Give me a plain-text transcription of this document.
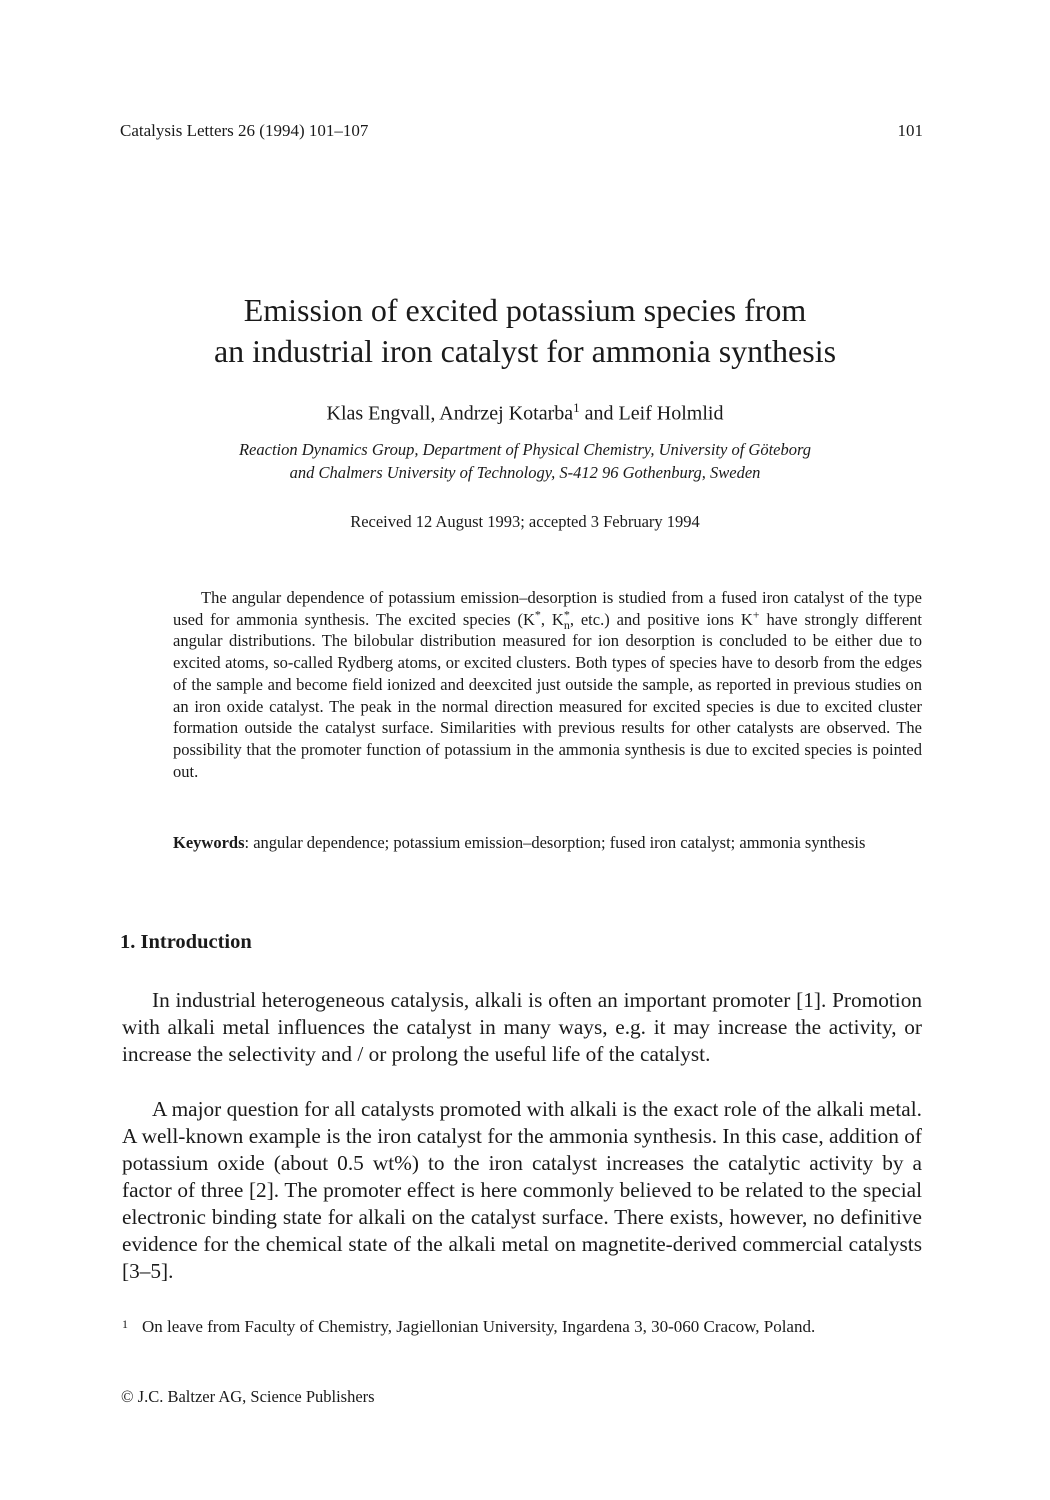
Catalysis Letters 26 (1994) 101–107	101
Emission of excited potassium species from
an industrial iron catalyst for ammonia synthesis
Klas Engvall, Andrzej Kotarba$^1$ and Leif Holmlid
Reaction Dynamics Group, Department of Physical Chemistry, University of Göteborg
and Chalmers University of Technology, S-412 96 Gothenburg, Sweden
Received 12 August 1993; accepted 3 February 1994
The angular dependence of potassium emission–desorption is studied from a fused iron catalyst of the type used for ammonia synthesis. The excited species (K*, $K^*_n$, etc.) and positive ions K+ have strongly different angular distributions. The bilobular distribution measured for ion desorption is concluded to be either due to excited atoms, so-called Rydberg atoms, or excited clusters. Both types of species have to desorb from the edges of the sample and become field ionized and deexcited just outside the sample, as reported in previous studies on an iron oxide catalyst. The peak in the normal direction measured for excited species is due to excited cluster formation outside the catalyst surface. Similarities with previous results for other catalysts are observed. The possibility that the promoter function of potassium in the ammonia synthesis is due to excited species is pointed out.
Keywords: angular dependence; potassium emission–desorption; fused iron catalyst; ammonia synthesis
1. Introduction
In industrial heterogeneous catalysis, alkali is often an important promoter [1]. Promotion with alkali metal influences the catalyst in many ways, e.g. it may increase the activity, or increase the selectivity and / or prolong the useful life of the catalyst.
A major question for all catalysts promoted with alkali is the exact role of the alkali metal. A well-known example is the iron catalyst for the ammonia synthesis. In this case, addition of potassium oxide (about 0.5 wt%) to the iron catalyst increases the catalytic activity by a factor of three [2]. The promoter effect is here commonly believed to be related to the special electronic binding state for alkali on the catalyst surface. There exists, however, no definitive evidence for the chemical state of the alkali metal on magnetite-derived commercial catalysts [3–5].
1 On leave from Faculty of Chemistry, Jagiellonian University, Ingardena 3, 30-060 Cracow, Poland.
© J.C. Baltzer AG, Science Publishers
